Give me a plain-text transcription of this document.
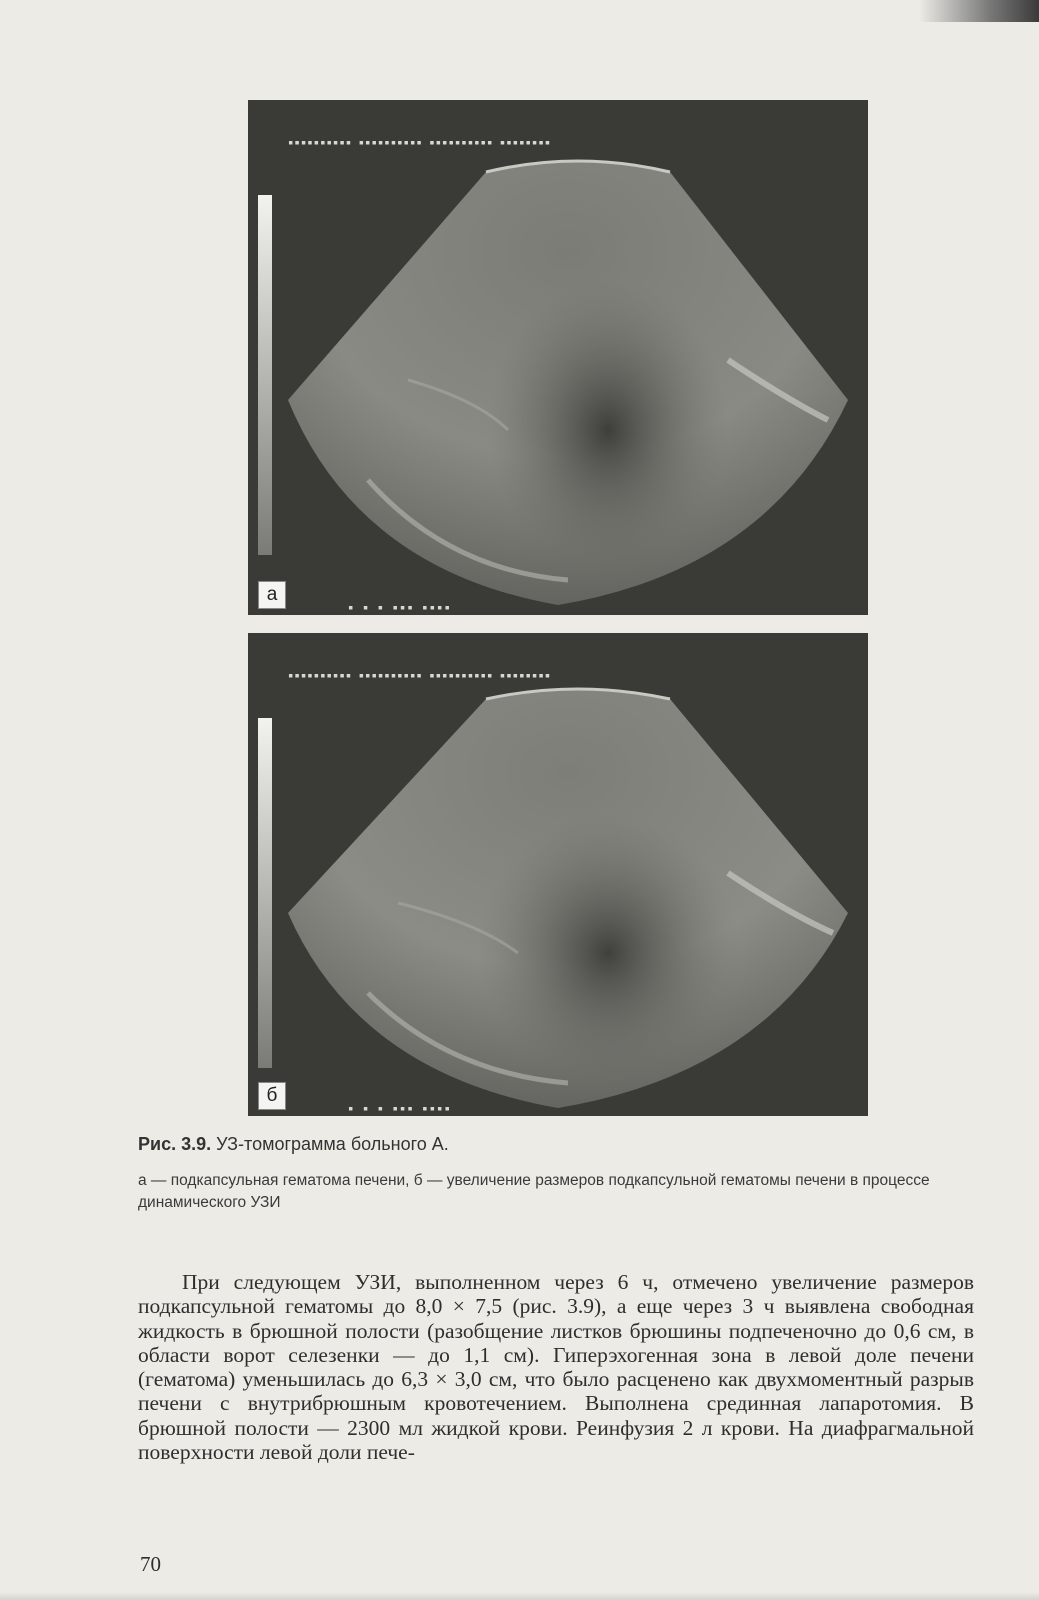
▪▪▪▪▪▪▪▪▪▪ ▪▪▪▪▪▪▪▪▪▪ ▪▪▪▪▪▪▪▪▪▪ ▪▪▪▪▪▪▪▪
▪ ▪ ▪ ▪▪▪ ▪▪▪▪
а
▪▪▪▪▪▪▪▪▪▪ ▪▪▪▪▪▪▪▪▪▪ ▪▪▪▪▪▪▪▪▪▪ ▪▪▪▪▪▪▪▪
▪ ▪ ▪ ▪▪▪ ▪▪▪▪
б
Рис. 3.9. УЗ-томограмма больного А.
а — подкапсульная гематома печени, б — увеличение размеров подкапсульной гематомы печени в процессе динамического УЗИ
При следующем УЗИ, выполненном через 6 ч, отмечено увеличение размеров подкапсульной гематомы до 8,0 × 7,5 (рис. 3.9), а еще через 3 ч выявлена свободная жидкость в брюшной полости (разобщение листков брюшины подпеченочно до 0,6 см, в области ворот селезенки — до 1,1 см). Гиперэхогенная зона в левой доле печени (гематома) уменьшилась до 6,3 × 3,0 см, что было расценено как двухмоментный разрыв печени с внутрибрюшным кровотечением. Выполнена срединная лапаротомия. В брюшной полости — 2300 мл жидкой крови. Реинфузия 2 л крови. На диафрагмальной поверхности левой доли пече-
70
